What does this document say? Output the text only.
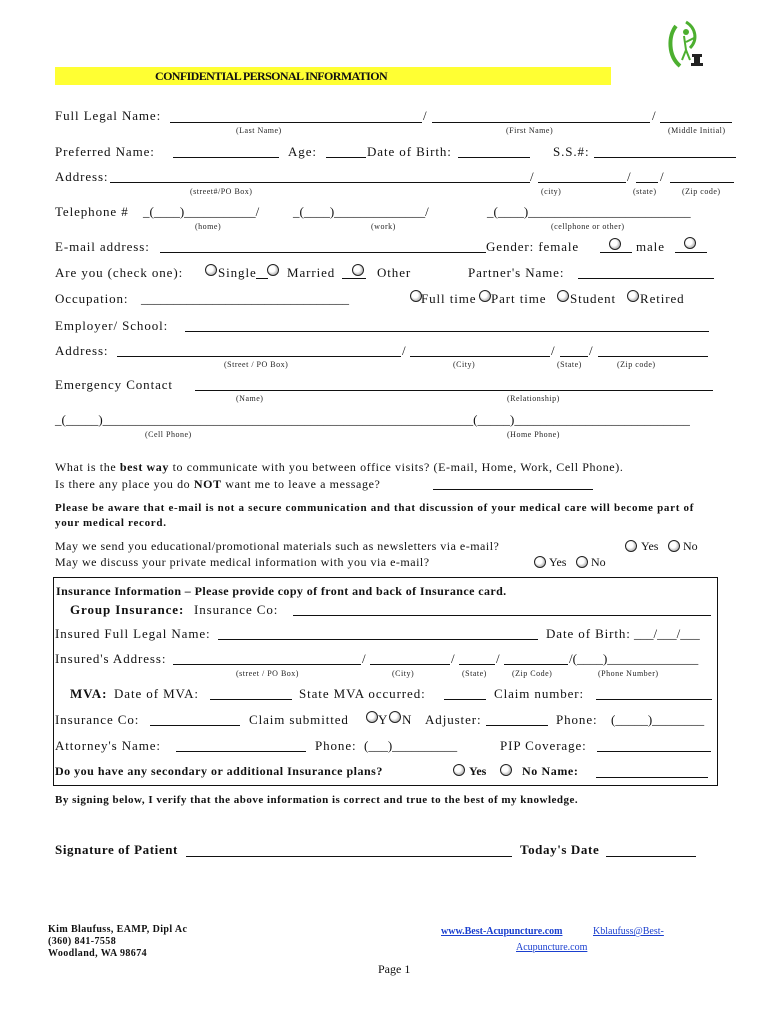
CONFIDENTIAL PERSONAL INFORMATION
Full Legal Name:	/	/
(Last Name)	(First Name)	(Middle Initial)
Preferred Name:	Age:	Date of Birth:	S.S.#:
Address:	/	/ /
(street#/PO Box)	(city)	(state)	(Zip code)
Telephone # _(____)___________/	_(____)______________/	_(____)_________________________
(home)	(work)	(cellphone or other)
E-mail address:	Gender: female	male
Are you (check one):	Single Married	Other	Partner's Name:
Occupation: ________________________________	Full time Part time Student Retired
Employer/ School:
Address:	/	/	/
(Street / PO Box)	(City)	(State)	(Zip code)
Emergency Contact
(Name)	(Relationship)
_(_____)_________________________________________________________(_____)___________________________
(Cell Phone)	(Home Phone)
What is the best way to communicate with you between office visits? (E-mail, Home, Work, Cell Phone).
Is there any place you do NOT want me to leave a message?
Please be aware that e-mail is not a secure communication and that discussion of your medical care will become part of your medical record.
May we send you educational/promotional materials such as newsletters via e-mail?	Yes No
May we discuss your private medical information with you via e-mail?	Yes No
Insurance Information – Please provide copy of front and back of Insurance card.
Group Insurance: Insurance Co:
Insured Full Legal Name:	Date of Birth: ___/___/___
Insured's Address:	/	/	/	/(____)______________
(street / PO Box)	(City)	(State)	(Zip Code)	(Phone Number)
MVA: Date of MVA:	State MVA occurred:	Claim number:
Insurance Co:	Claim submitted Y N Adjuster:	Phone: (_____)________
Attorney's Name:	Phone: (___)__________	PIP Coverage:
Do you have any secondary or additional Insurance plans?	Yes	No Name:
By signing below, I verify that the above information is correct and true to the best of my knowledge.
Signature of Patient	Today's Date
Kim Blaufuss, EAMP, Dipl Ac
(360) 841-7558
Woodland, WA 98674
www.Best-Acupuncture.com	Kblaufuss@Best-
Acupuncture.com
Page 1
